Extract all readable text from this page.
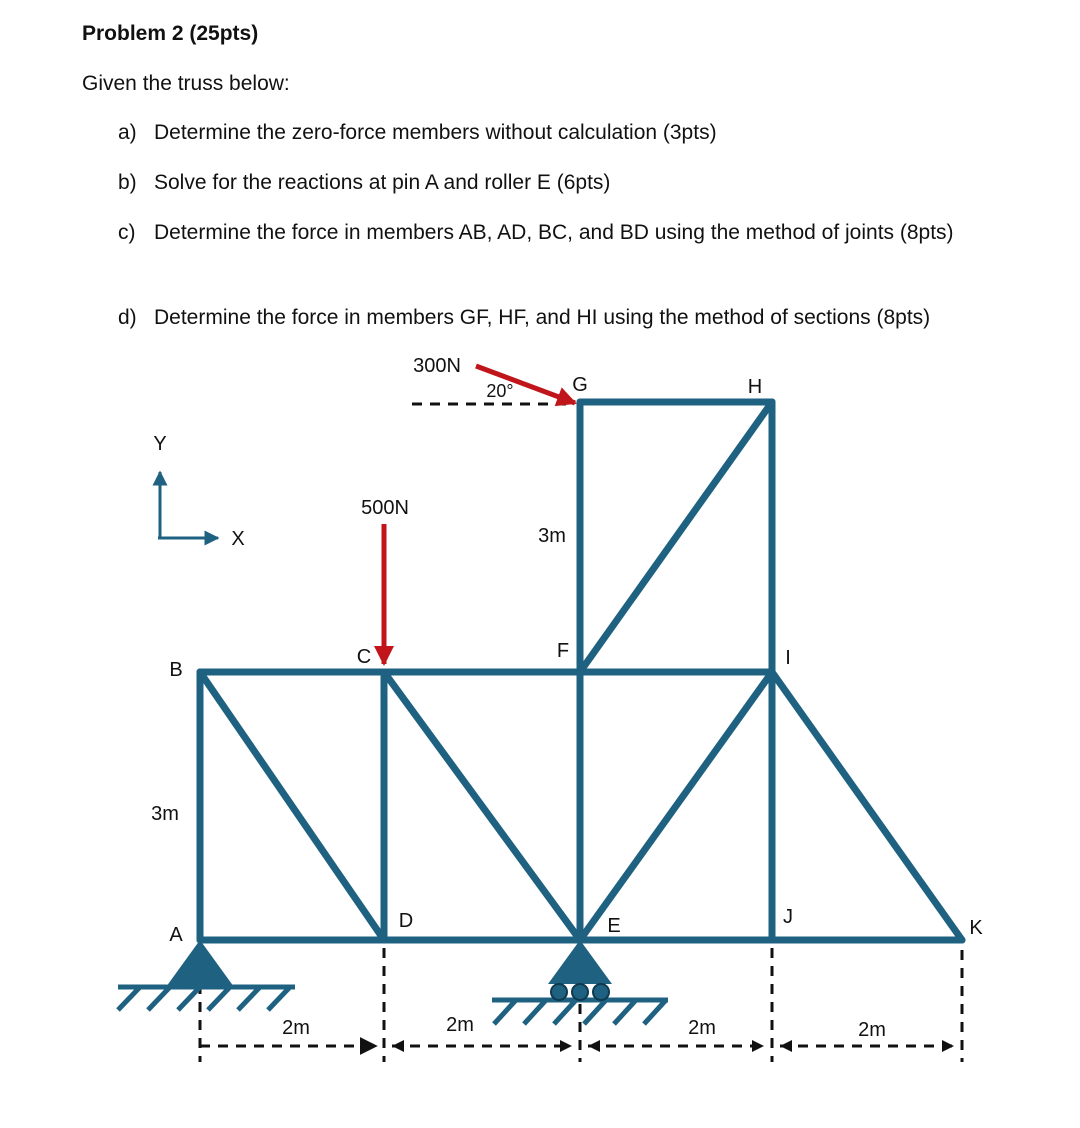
Problem 2 (25pts)
Given the truss below:
a) Determine the zero-force members without calculation (3pts)
b) Solve for the reactions at pin A and roller E (6pts)
c) Determine the force in members AB, AD, BC, and BD using the method of joints (8pts)
d) Determine the force in members GF, HF, and HI using the method of sections (8pts)
Y
X
300N
20°
500N
A
B
C
D	E
F
G	H
I
J	K
3m
3m
2m	2m	2m	2m
